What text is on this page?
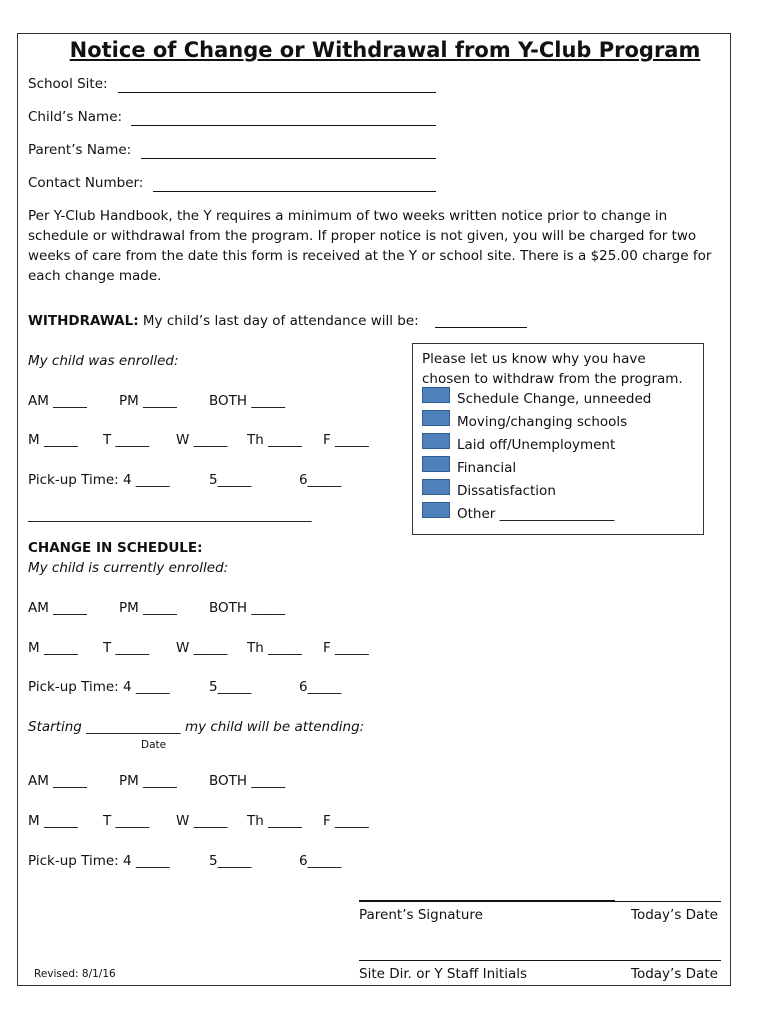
Notice of Change or Withdrawal from Y-Club Program
School Site:
Child’s Name:
Parent’s Name:
Contact Number:
Per Y-Club Handbook, the Y requires a minimum of two weeks written notice prior to change in schedule or withdrawal from the program. If proper notice is not given, you will be charged for two weeks of care from the date this form is received at the Y or school site. There is a $25.00 charge for each change made.
WITHDRAWAL: My child’s last day of attendance will be:
My child was enrolled:
AM _____ PM _____ BOTH _____
M _____ T _____ W _____ Th _____ F _____
Pick-up Time: 4 _____	5_____	6_____
__________________________________________
Please let us know why you have chosen to withdraw from the program.
Schedule Change, unneeded
Moving/changing schools
Laid off/Unemployment
Financial
Dissatisfaction
Other _________________
CHANGE IN SCHEDULE:
My child is currently enrolled:
AM _____ PM _____ BOTH _____
M _____ T _____ W _____ Th _____ F _____
Pick-up Time: 4 _____	5_____	6_____
Starting ______________ my child will be attending:
Date
AM _____ PM _____ BOTH _____
M _____ T _____ W _____ Th _____ F _____
Pick-up Time: 4 _____	5_____	6_____
Parent’s Signature	Today’s Date
Site Dir. or Y Staff Initials	Today’s Date
Revised: 8/1/16
